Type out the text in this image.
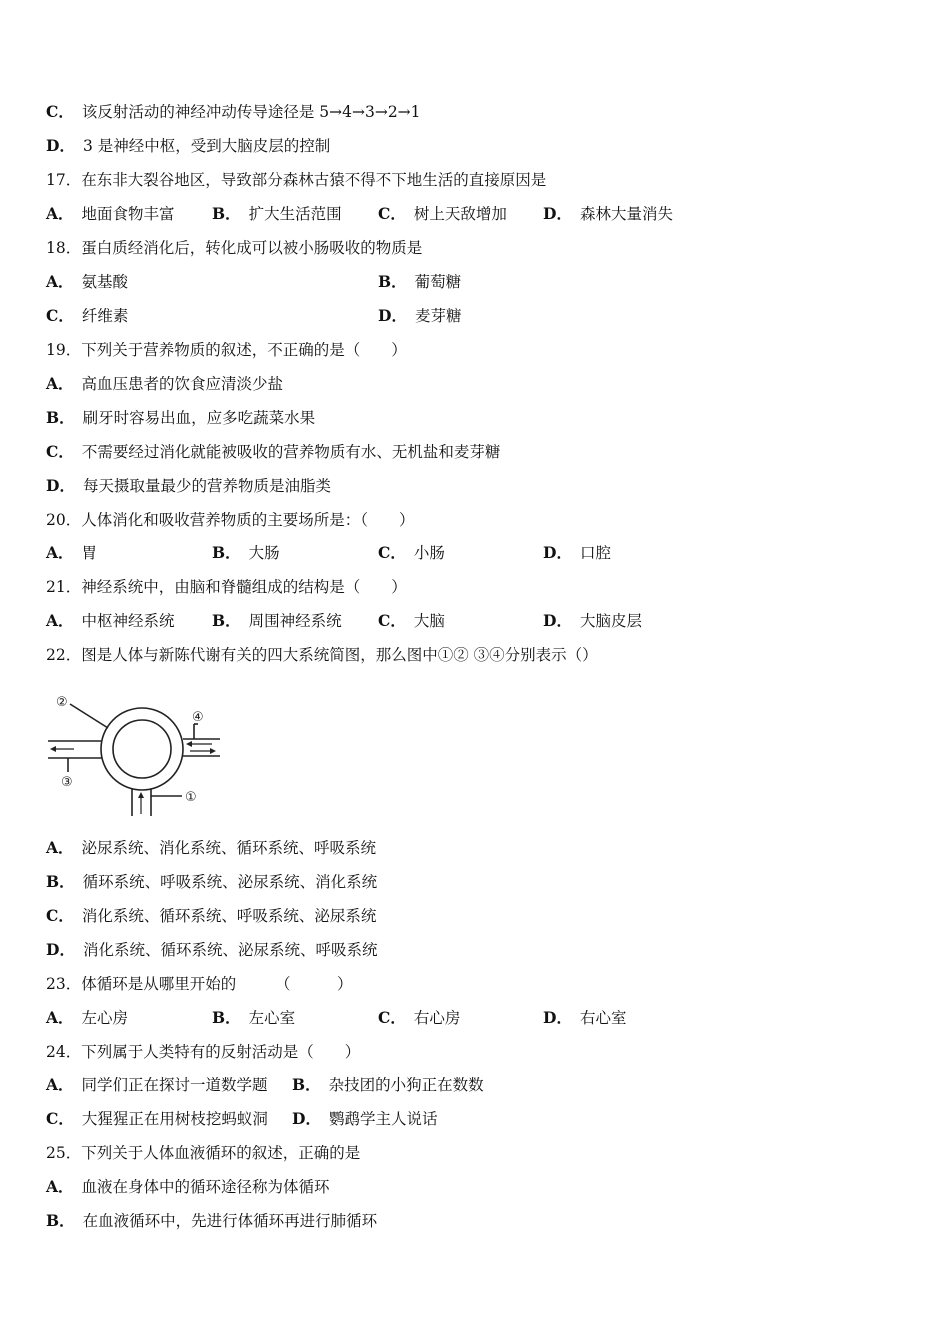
C． 该反射活动的神经冲动传导途径是 5→4→3→2→1
D． 3 是神经中枢，受到大脑皮层的控制
17．在东非大裂谷地区，导致部分森林古猿不得不下地生活的直接原因是
A． 地面食物丰富 B． 扩大生活范围 C． 树上天敌增加 D． 森林大量消失
18．蛋白质经消化后，转化成可以被小肠吸收的物质是
A． 氨基酸	B． 葡萄糖
C． 纤维素	D． 麦芽糖
19．下列关于营养物质的叙述，不正确的是（　　）
A． 高血压患者的饮食应清淡少盐
B． 刷牙时容易出血，应多吃蔬菜水果
C． 不需要经过消化就能被吸收的营养物质有水、无机盐和麦芽糖
D． 每天摄取量最少的营养物质是油脂类
20．人体消化和吸收营养物质的主要场所是：（　　）
A． 胃	B． 大肠	C． 小肠	D． 口腔
21．神经系统中，由脑和脊髓组成的结构是（　　）
A． 中枢神经系统 B． 周围神经系统 C． 大脑	D． 大脑皮层
22．图是人体与新陈代谢有关的四大系统简图，那么图中①② ③④分别表示（）
②
④
③
①
A． 泌尿系统、消化系统、循环系统、呼吸系统
B． 循环系统、呼吸系统、泌尿系统、消化系统
C． 消化系统、循环系统、呼吸系统、泌尿系统
D． 消化系统、循环系统、泌尿系统、呼吸系统
23．体循环是从哪里开始的　　　（　　　）
A． 左心房	B． 左心室	C． 右心房	D． 右心室
24．下列属于人类特有的反射活动是（　　）
A． 同学们正在探讨一道数学题 B． 杂技团的小狗正在数数
C． 大猩猩正在用树枝挖蚂蚁洞 D． 鹦鹉学主人说话
25．下列关于人体血液循环的叙述，正确的是
A． 血液在身体中的循环途径称为体循环
B． 在血液循环中，先进行体循环再进行肺循环
